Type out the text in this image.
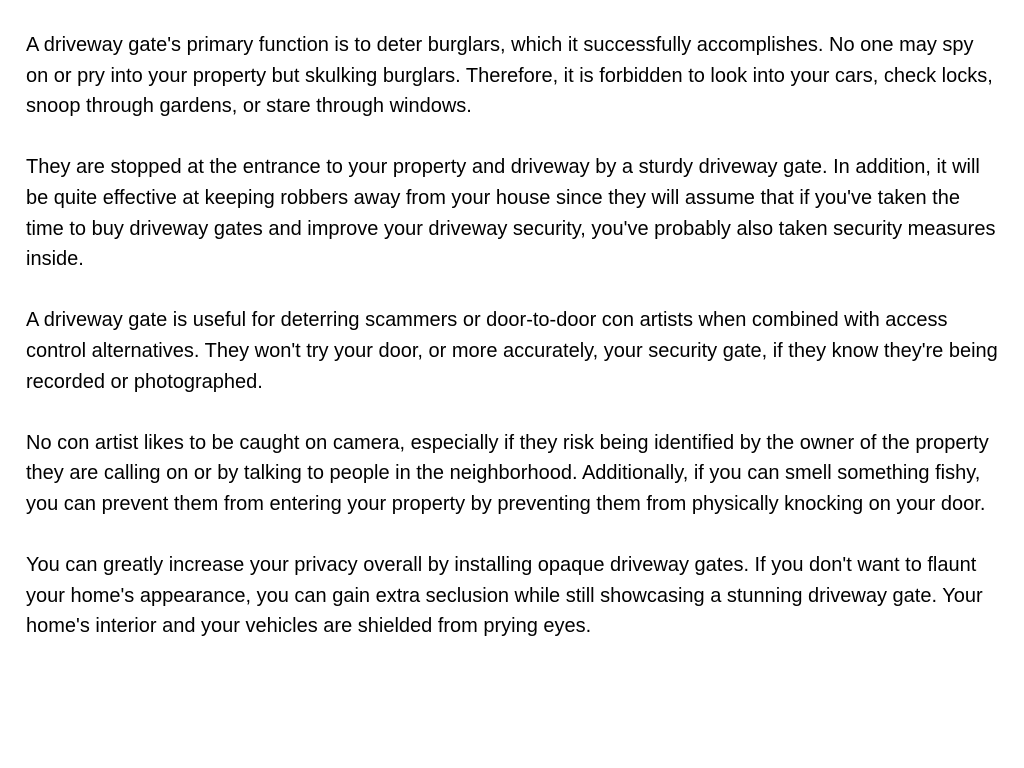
A driveway gate's primary function is to deter burglars, which it successfully accomplishes. No one may spy on or pry into your property but skulking burglars. Therefore, it is forbidden to look into your cars, check locks, snoop through gardens, or stare through windows.

They are stopped at the entrance to your property and driveway by a sturdy driveway gate. In addition, it will be quite effective at keeping robbers away from your house since they will assume that if you've taken the time to buy driveway gates and improve your driveway security, you've probably also taken security measures inside.

A driveway gate is useful for deterring scammers or door-to-door con artists when combined with access control alternatives. They won't try your door, or more accurately, your security gate, if they know they're being recorded or photographed.

No con artist likes to be caught on camera, especially if they risk being identified by the owner of the property they are calling on or by talking to people in the neighborhood. Additionally, if you can smell something fishy, you can prevent them from entering your property by preventing them from physically knocking on your door.

You can greatly increase your privacy overall by installing opaque driveway gates. If you don't want to flaunt your home's appearance, you can gain extra seclusion while still showcasing a stunning driveway gate. Your home's interior and your vehicles are shielded from prying eyes.
